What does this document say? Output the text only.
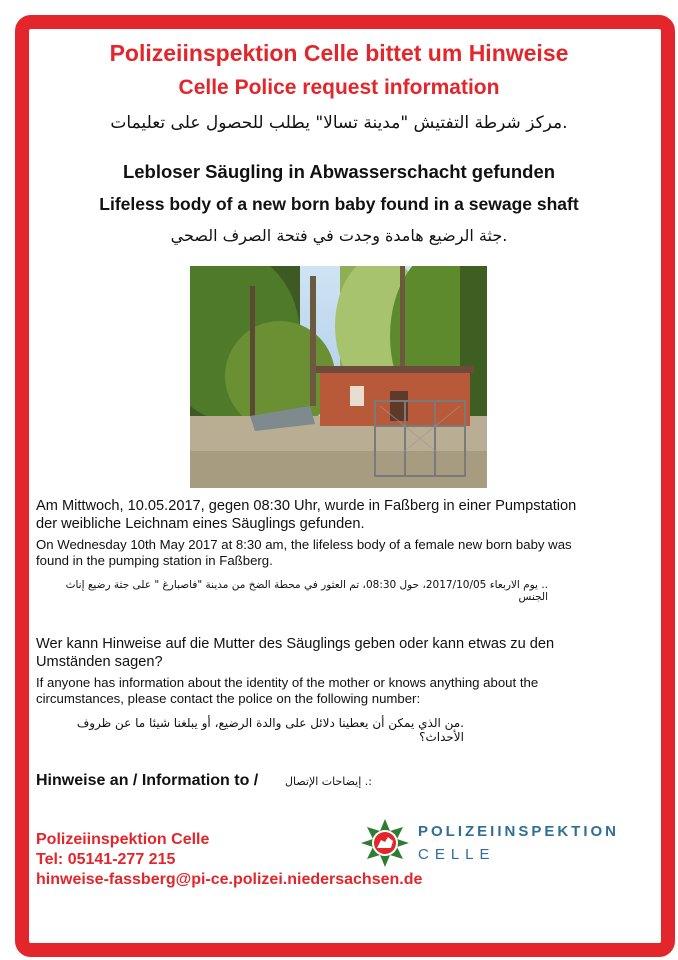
Polizeiinspektion Celle bittet um Hinweise
Celle Police request information
.مركز شرطة التفتيش "مدينة تسالا" يطلب للحصول على تعليمات
Lebloser Säugling in Abwasserschacht gefunden
Lifeless body of a new born baby found in a sewage shaft
.جثة الرضيع هامدة وجدت في فتحة الصرف الصحي
Am Mittwoch, 10.05.2017, gegen 08:30 Uhr, wurde in Faßberg in einer Pumpstation
der weibliche Leichnam eines Säuglings gefunden.
On Wednesday 10th May 2017 at 8:30 am, the lifeless body of a female new born baby was
found in the pumping station in Faßberg.
.. يوم الاربعاء 2017/10/05، حول 08:30، تم العثور في محطة الضخ من مدينة "فاصبارغ " على جثة رضيع إناث الجنس
Wer kann Hinweise auf die Mutter des Säuglings geben oder kann etwas zu den
Umständen sagen?
If anyone has information about the identity of the mother or knows anything about the
circumstances, please contact the police on the following number:
.من الذي يمكن أن يعطينا دلائل على والدة الرضيع، أو يبلغنا شيئا ما عن ظروف الأحداث؟
Hinweise an / Information to / :. إيضاحات الإتصال
Polizeiinspektion Celle
Tel: 05141-277 215
hinweise-fassberg@pi-ce.polizei.niedersachsen.de
POLIZEIINSPEKTION
CELLE
